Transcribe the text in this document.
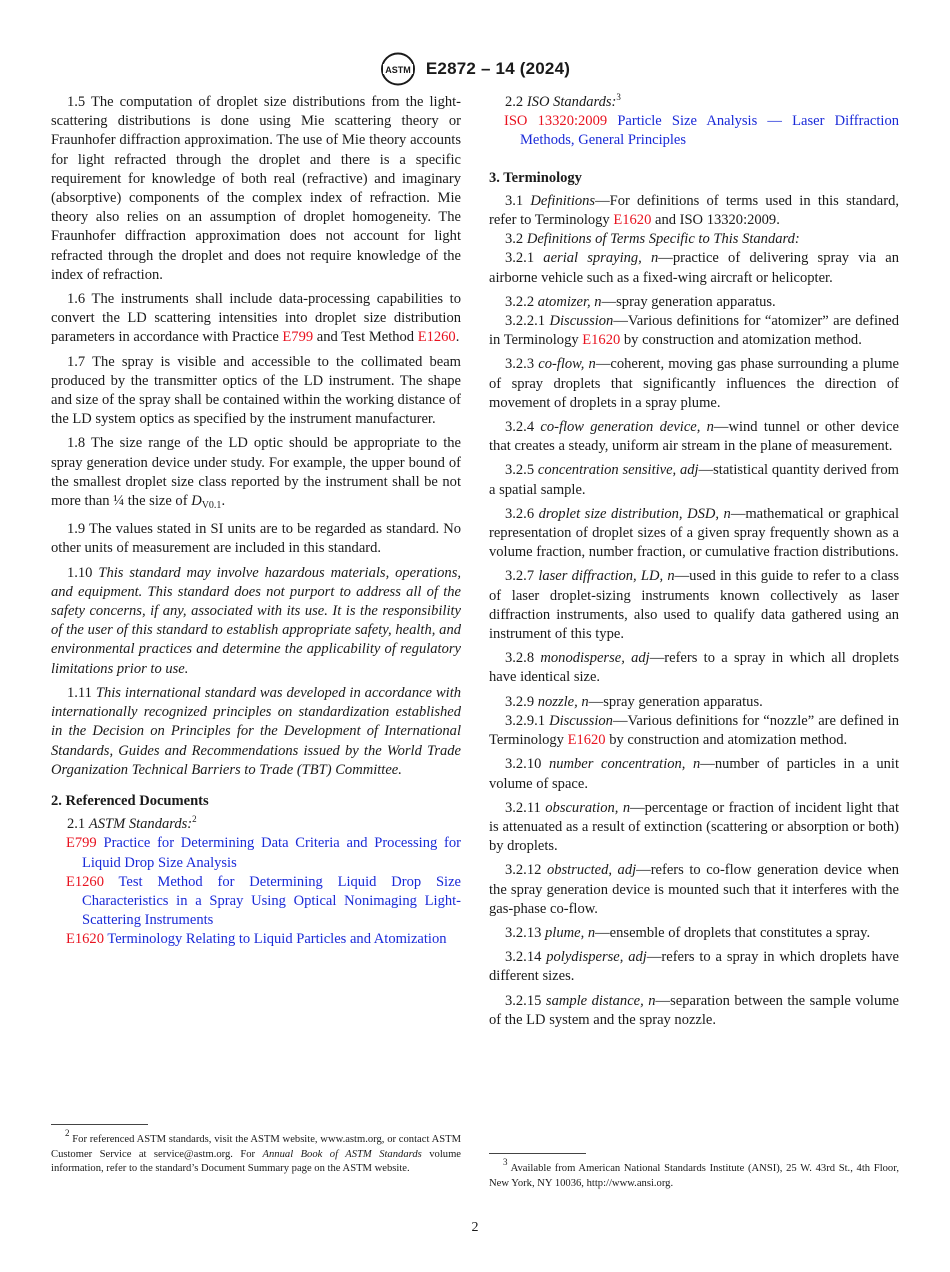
ASTM E2872 – 14 (2024)

1.5 The computation of droplet size distributions from the light-scattering distributions is done using Mie scattering theory or Fraunhofer diffraction approximation. The use of Mie theory accounts for light refracted through the droplet and there is a specific requirement for knowledge of both real (refractive) and imaginary (absorptive) components of the complex index of refraction. Mie theory also relies on an assumption of droplet homogeneity. The Fraunhofer diffraction approximation does not account for light refracted through the droplet and does not require knowledge of the index of refraction.

1.6 The instruments shall include data-processing capabilities to convert the LD scattering intensities into droplet size distribution parameters in accordance with Practice E799 and Test Method E1260.

1.7 The spray is visible and accessible to the collimated beam produced by the transmitter optics of the LD instrument. The shape and size of the spray shall be contained within the working distance of the LD system optics as specified by the instrument manufacturer.

1.8 The size range of the LD optic should be appropriate to the spray generation device under study. For example, the upper bound of the smallest droplet size class reported by the instrument shall be not more than ¼ the size of $D_{V0.1}$.

1.9 The values stated in SI units are to be regarded as standard. No other units of measurement are included in this standard.

1.10 This standard may involve hazardous materials, operations, and equipment. This standard does not purport to address all of the safety concerns, if any, associated with its use. It is the responsibility of the user of this standard to establish appropriate safety, health, and environmental practices and determine the applicability of regulatory limitations prior to use.

1.11 This international standard was developed in accordance with internationally recognized principles on standardization established in the Decision on Principles for the Development of International Standards, Guides and Recommendations issued by the World Trade Organization Technical Barriers to Trade (TBT) Committee.

2. Referenced Documents

2.1 ASTM Standards:$^2$

E799 Practice for Determining Data Criteria and Processing for Liquid Drop Size Analysis

E1260 Test Method for Determining Liquid Drop Size Characteristics in a Spray Using Optical Nonimaging Light-Scattering Instruments

E1620 Terminology Relating to Liquid Particles and Atomization

$^2$ For referenced ASTM standards, visit the ASTM website, www.astm.org, or contact ASTM Customer Service at service@astm.org. For Annual Book of ASTM Standards volume information, refer to the standard’s Document Summary page on the ASTM website.

2.2 ISO Standards:$^3$

ISO 13320:2009 Particle Size Analysis — Laser Diffraction Methods, General Principles

3. Terminology

3.1 Definitions—For definitions of terms used in this standard, refer to Terminology E1620 and ISO 13320:2009.

3.2 Definitions of Terms Specific to This Standard:

3.2.1 aerial spraying, n—practice of delivering spray via an airborne vehicle such as a fixed-wing aircraft or helicopter.

3.2.2 atomizer, n—spray generation apparatus.

3.2.2.1 Discussion—Various definitions for “atomizer” are defined in Terminology E1620 by construction and atomization method.

3.2.3 co-flow, n—coherent, moving gas phase surrounding a plume of spray droplets that significantly influences the direction of movement of droplets in a spray plume.

3.2.4 co-flow generation device, n—wind tunnel or other device that creates a steady, uniform air stream in the plane of measurement.

3.2.5 concentration sensitive, adj—statistical quantity derived from a spatial sample.

3.2.6 droplet size distribution, DSD, n—mathematical or graphical representation of droplet sizes of a given spray frequently shown as a volume fraction, number fraction, or cumulative fraction distributions.

3.2.7 laser diffraction, LD, n—used in this guide to refer to a class of laser droplet-sizing instruments known collectively as laser diffraction instruments, also used to qualify data gathered using an instrument of this type.

3.2.8 monodisperse, adj—refers to a spray in which all droplets have identical size.

3.2.9 nozzle, n—spray generation apparatus.

3.2.9.1 Discussion—Various definitions for “nozzle” are defined in Terminology E1620 by construction and atomization method.

3.2.10 number concentration, n—number of particles in a unit volume of space.

3.2.11 obscuration, n—percentage or fraction of incident light that is attenuated as a result of extinction (scattering or absorption or both) by droplets.

3.2.12 obstructed, adj—refers to co-flow generation device when the spray generation device is mounted such that it interferes with the gas-phase co-flow.

3.2.13 plume, n—ensemble of droplets that constitutes a spray.

3.2.14 polydisperse, adj—refers to a spray in which droplets have different sizes.

3.2.15 sample distance, n—separation between the sample volume of the LD system and the spray nozzle.

$^3$ Available from American National Standards Institute (ANSI), 25 W. 43rd St., 4th Floor, New York, NY 10036, http://www.ansi.org.
2
